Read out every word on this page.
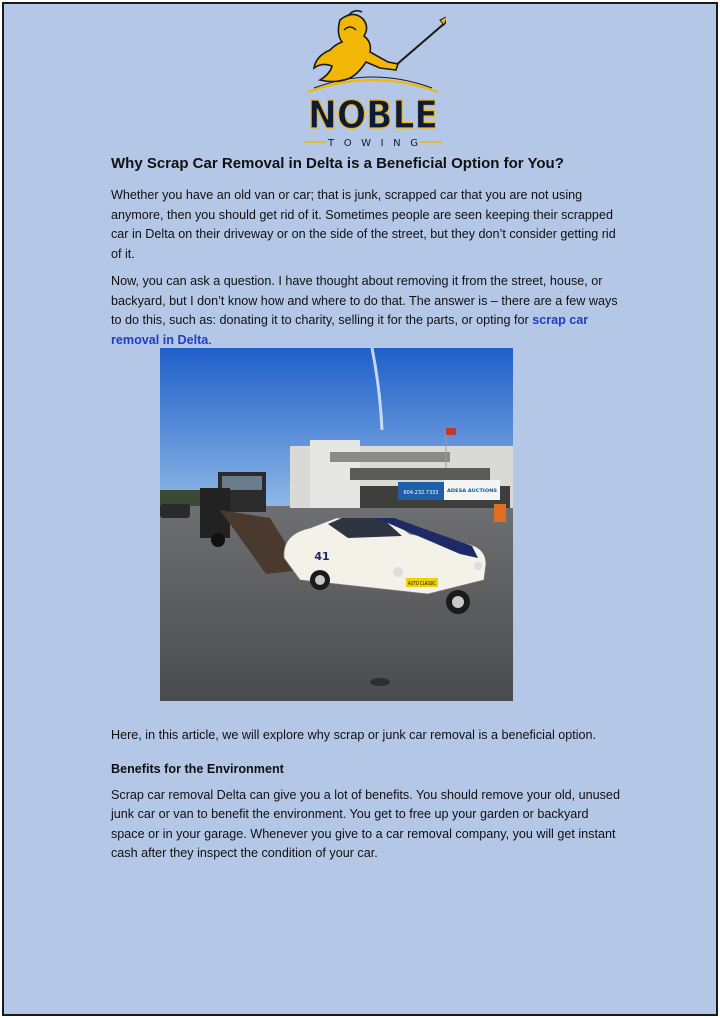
NOBLE
T O W I N G
Why Scrap Car Removal in Delta is a Beneficial Option for You?

Whether you have an old van or car; that is junk, scrapped car that you are not using anymore, then you should get rid of it. Sometimes people are seen keeping their scrapped car in Delta on their driveway or on the side of the street, but they don’t consider getting rid of it.

Now, you can ask a question. I have thought about removing it from the street, house, or backyard, but I don’t know how and where to do that. The answer is – there are a few ways to do this, such as: donating it to charity, selling it for the parts, or opting for scrap car removal in Delta.

604.232.7333 ADESA AUCTIONS
AUTO CLASSIC
41

Here, in this article, we will explore why scrap or junk car removal is a beneficial option.

Benefits for the Environment

Scrap car removal Delta can give you a lot of benefits. You should remove your old, unused junk car or van to benefit the environment. You get to free up your garden or backyard space or in your garage. Whenever you give to a car removal company, you will get instant cash after they inspect the condition of your car.
